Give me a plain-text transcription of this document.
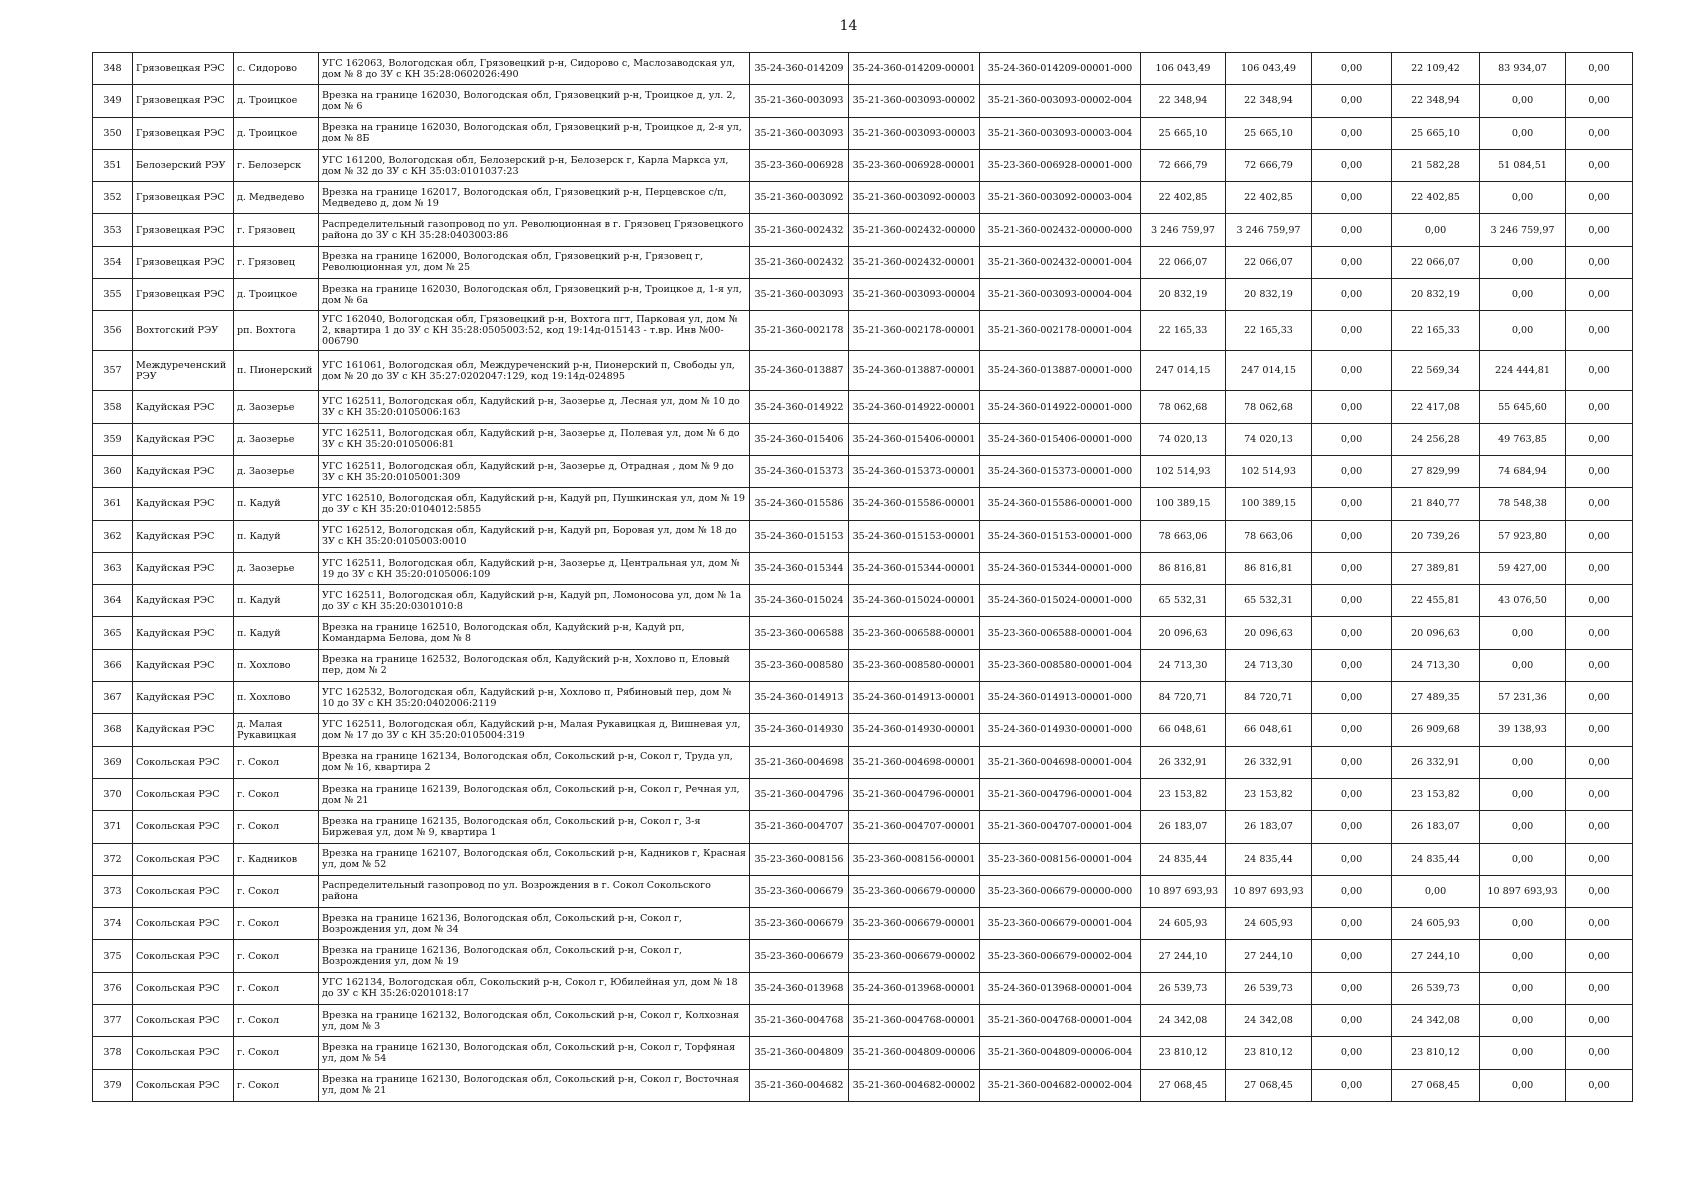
14
348	Грязовецкая РЭС	с. Сидорово	УГС 162063, Вологодская обл, Грязовецкий р-н, Сидорово с, Маслозаводская ул, дом № 8 до ЗУ с КН 35:28:0602026:490	35-24-360-014209	35-24-360-014209-00001	35-24-360-014209-00001-000	106 043,49	106 043,49	0,00	22 109,42	83 934,07	0,00
349	Грязовецкая РЭС	д. Троицкое	Врезка на границе 162030, Вологодская обл, Грязовецкий р-н, Троицкое д, ул. 2, дом № 6	35-21-360-003093	35-21-360-003093-00002	35-21-360-003093-00002-004	22 348,94	22 348,94	0,00	22 348,94	0,00	0,00
350	Грязовецкая РЭС	д. Троицкое	Врезка на границе 162030, Вологодская обл, Грязовецкий р-н, Троицкое д, 2-я ул, дом № 8Б	35-21-360-003093	35-21-360-003093-00003	35-21-360-003093-00003-004	25 665,10	25 665,10	0,00	25 665,10	0,00	0,00
351	Белозерский РЭУ	г. Белозерск	УГС 161200, Вологодская обл, Белозерский р-н, Белозерск г, Карла Маркса ул, дом № 32 до ЗУ с КН 35:03:0101037:23	35-23-360-006928	35-23-360-006928-00001	35-23-360-006928-00001-000	72 666,79	72 666,79	0,00	21 582,28	51 084,51	0,00
352	Грязовецкая РЭС	д. Медведево	Врезка на границе 162017, Вологодская обл, Грязовецкий р-н, Перцевское с/п, Медведево д, дом № 19	35-21-360-003092	35-21-360-003092-00003	35-21-360-003092-00003-004	22 402,85	22 402,85	0,00	22 402,85	0,00	0,00
353	Грязовецкая РЭС	г. Грязовец	Распределительный газопровод по ул. Революционная в г. Грязовец Грязовецкого района до ЗУ с КН 35:28:0403003:86	35-21-360-002432	35-21-360-002432-00000	35-21-360-002432-00000-000	3 246 759,97	3 246 759,97	0,00	0,00	3 246 759,97	0,00
354	Грязовецкая РЭС	г. Грязовец	Врезка на границе 162000, Вологодская обл, Грязовецкий р-н, Грязовец г, Революционная ул, дом № 25	35-21-360-002432	35-21-360-002432-00001	35-21-360-002432-00001-004	22 066,07	22 066,07	0,00	22 066,07	0,00	0,00
355	Грязовецкая РЭС	д. Троицкое	Врезка на границе 162030, Вологодская обл, Грязовецкий р-н, Троицкое д, 1-я ул, дом № 6а	35-21-360-003093	35-21-360-003093-00004	35-21-360-003093-00004-004	20 832,19	20 832,19	0,00	20 832,19	0,00	0,00
356	Вохтогский РЭУ	рп. Вохтога	УГС 162040, Вологодская обл, Грязовецкий р-н, Вохтога пгт, Парковая ул, дом № 2, квартира 1 до ЗУ с КН 35:28:0505003:52, код 19:14д-015143 - т.вр. Инв №00-006790	35-21-360-002178	35-21-360-002178-00001	35-21-360-002178-00001-004	22 165,33	22 165,33	0,00	22 165,33	0,00	0,00
357	Междуреченский РЭУ	п. Пионерский	УГС 161061, Вологодская обл, Междуреченский р-н, Пионерский п, Свободы ул, дом № 20 до ЗУ с КН 35:27:0202047:129, код 19:14д-024895	35-24-360-013887	35-24-360-013887-00001	35-24-360-013887-00001-000	247 014,15	247 014,15	0,00	22 569,34	224 444,81	0,00
358	Кадуйская РЭС	д. Заозерье	УГС 162511, Вологодская обл, Кадуйский р-н, Заозерье д, Лесная ул, дом № 10 до ЗУ с КН 35:20:0105006:163	35-24-360-014922	35-24-360-014922-00001	35-24-360-014922-00001-000	78 062,68	78 062,68	0,00	22 417,08	55 645,60	0,00
359	Кадуйская РЭС	д. Заозерье	УГС 162511, Вологодская обл, Кадуйский р-н, Заозерье д, Полевая ул, дом № 6 до ЗУ с КН 35:20:0105006:81	35-24-360-015406	35-24-360-015406-00001	35-24-360-015406-00001-000	74 020,13	74 020,13	0,00	24 256,28	49 763,85	0,00
360	Кадуйская РЭС	д. Заозерье	УГС 162511, Вологодская обл, Кадуйский р-н, Заозерье д, Отрадная , дом № 9 до ЗУ с КН 35:20:0105001:309	35-24-360-015373	35-24-360-015373-00001	35-24-360-015373-00001-000	102 514,93	102 514,93	0,00	27 829,99	74 684,94	0,00
361	Кадуйская РЭС	п. Кадуй	УГС 162510, Вологодская обл, Кадуйский р-н, Кадуй рп, Пушкинская ул, дом № 19 до ЗУ с КН 35:20:0104012:5855	35-24-360-015586	35-24-360-015586-00001	35-24-360-015586-00001-000	100 389,15	100 389,15	0,00	21 840,77	78 548,38	0,00
362	Кадуйская РЭС	п. Кадуй	УГС 162512, Вологодская обл, Кадуйский р-н, Кадуй рп, Боровая ул, дом № 18 до ЗУ с КН 35:20:0105003:0010	35-24-360-015153	35-24-360-015153-00001	35-24-360-015153-00001-000	78 663,06	78 663,06	0,00	20 739,26	57 923,80	0,00
363	Кадуйская РЭС	д. Заозерье	УГС 162511, Вологодская обл, Кадуйский р-н, Заозерье д, Центральная ул, дом № 19 до ЗУ с КН 35:20:0105006:109	35-24-360-015344	35-24-360-015344-00001	35-24-360-015344-00001-000	86 816,81	86 816,81	0,00	27 389,81	59 427,00	0,00
364	Кадуйская РЭС	п. Кадуй	УГС 162511, Вологодская обл, Кадуйский р-н, Кадуй рп, Ломоносова ул, дом № 1а до ЗУ с КН 35:20:0301010:8	35-24-360-015024	35-24-360-015024-00001	35-24-360-015024-00001-000	65 532,31	65 532,31	0,00	22 455,81	43 076,50	0,00
365	Кадуйская РЭС	п. Кадуй	Врезка на границе 162510, Вологодская обл, Кадуйский р-н, Кадуй рп, Командарма Белова, дом № 8	35-23-360-006588	35-23-360-006588-00001	35-23-360-006588-00001-004	20 096,63	20 096,63	0,00	20 096,63	0,00	0,00
366	Кадуйская РЭС	п. Хохлово	Врезка на границе 162532, Вологодская обл, Кадуйский р-н, Хохлово п, Еловый пер, дом № 2	35-23-360-008580	35-23-360-008580-00001	35-23-360-008580-00001-004	24 713,30	24 713,30	0,00	24 713,30	0,00	0,00
367	Кадуйская РЭС	п. Хохлово	УГС 162532, Вологодская обл, Кадуйский р-н, Хохлово п, Рябиновый пер, дом № 10 до ЗУ с КН 35:20:0402006:2119	35-24-360-014913	35-24-360-014913-00001	35-24-360-014913-00001-000	84 720,71	84 720,71	0,00	27 489,35	57 231,36	0,00
368	Кадуйская РЭС	д. Малая Рукавицкая	УГС 162511, Вологодская обл, Кадуйский р-н, Малая Рукавицкая д, Вишневая ул, дом № 17 до ЗУ с КН 35:20:0105004:319	35-24-360-014930	35-24-360-014930-00001	35-24-360-014930-00001-000	66 048,61	66 048,61	0,00	26 909,68	39 138,93	0,00
369	Сокольская РЭС	г. Сокол	Врезка на границе 162134, Вологодская обл, Сокольский р-н, Сокол г, Труда ул, дом № 16, квартира 2	35-21-360-004698	35-21-360-004698-00001	35-21-360-004698-00001-004	26 332,91	26 332,91	0,00	26 332,91	0,00	0,00
370	Сокольская РЭС	г. Сокол	Врезка на границе 162139, Вологодская обл, Сокольский р-н, Сокол г, Речная ул, дом № 21	35-21-360-004796	35-21-360-004796-00001	35-21-360-004796-00001-004	23 153,82	23 153,82	0,00	23 153,82	0,00	0,00
371	Сокольская РЭС	г. Сокол	Врезка на границе 162135, Вологодская обл, Сокольский р-н, Сокол г, 3-я Биржевая ул, дом № 9, квартира 1	35-21-360-004707	35-21-360-004707-00001	35-21-360-004707-00001-004	26 183,07	26 183,07	0,00	26 183,07	0,00	0,00
372	Сокольская РЭС	г. Кадников	Врезка на границе 162107, Вологодская обл, Сокольский р-н, Кадников г, Красная ул, дом № 52	35-23-360-008156	35-23-360-008156-00001	35-23-360-008156-00001-004	24 835,44	24 835,44	0,00	24 835,44	0,00	0,00
373	Сокольская РЭС	г. Сокол	Распределительный газопровод по ул. Возрождения в г. Сокол Сокольского района	35-23-360-006679	35-23-360-006679-00000	35-23-360-006679-00000-000	10 897 693,93	10 897 693,93	0,00	0,00	10 897 693,93	0,00
374	Сокольская РЭС	г. Сокол	Врезка на границе 162136, Вологодская обл, Сокольский р-н, Сокол г, Возрождения ул, дом № 34	35-23-360-006679	35-23-360-006679-00001	35-23-360-006679-00001-004	24 605,93	24 605,93	0,00	24 605,93	0,00	0,00
375	Сокольская РЭС	г. Сокол	Врезка на границе 162136, Вологодская обл, Сокольский р-н, Сокол г, Возрождения ул, дом № 19	35-23-360-006679	35-23-360-006679-00002	35-23-360-006679-00002-004	27 244,10	27 244,10	0,00	27 244,10	0,00	0,00
376	Сокольская РЭС	г. Сокол	УГС 162134, Вологодская обл, Сокольский р-н, Сокол г, Юбилейная ул, дом № 18 до ЗУ с КН 35:26:0201018:17	35-24-360-013968	35-24-360-013968-00001	35-24-360-013968-00001-004	26 539,73	26 539,73	0,00	26 539,73	0,00	0,00
377	Сокольская РЭС	г. Сокол	Врезка на границе 162132, Вологодская обл, Сокольский р-н, Сокол г, Колхозная ул, дом № 3	35-21-360-004768	35-21-360-004768-00001	35-21-360-004768-00001-004	24 342,08	24 342,08	0,00	24 342,08	0,00	0,00
378	Сокольская РЭС	г. Сокол	Врезка на границе 162130, Вологодская обл, Сокольский р-н, Сокол г, Торфяная ул, дом № 54	35-21-360-004809	35-21-360-004809-00006	35-21-360-004809-00006-004	23 810,12	23 810,12	0,00	23 810,12	0,00	0,00
379	Сокольская РЭС	г. Сокол	Врезка на границе 162130, Вологодская обл, Сокольский р-н, Сокол г, Восточная ул, дом № 21	35-21-360-004682	35-21-360-004682-00002	35-21-360-004682-00002-004	27 068,45	27 068,45	0,00	27 068,45	0,00	0,00
